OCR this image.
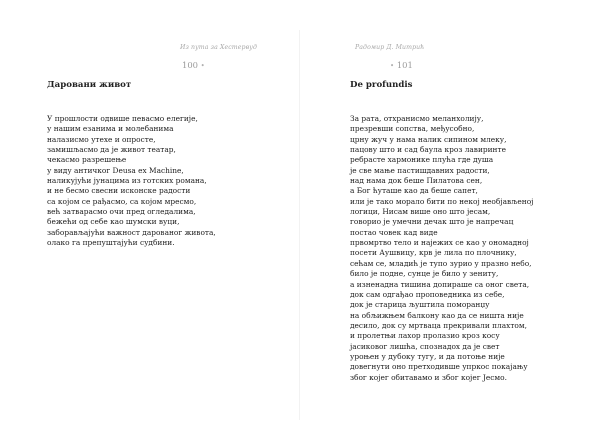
Из пута за Хестервуд
100 •
Даровани живот
У прошлости одвише певасмо елегије,
у нашим езанима и молебанима
налазисмо утехе и опросте,
замишљасмо да је живот театар,
чекасмо разрешење
у виду античког Deusа ex Machine,
наликујући јунацима из готских романа,
и не бесмо свесни исконске радости
са којом се рађасмо, са којом мресмо,
већ затварасмо очи пред огледалима,
бежећи од себе као шумски вуци,
заборављајући важност дарованог живота,
олако га препуштајући судбини.
Радомир Д. Митрић
• 101
De profundis
За рата, отхранисмо меланхолију,
презревши сопства, међусобно,
црну жуч у нама налик сипином млеку,
пацову што и сад баула кроз лавиринте
ребрасте хармонике плућа где душа
је све мање пастишдавних радости,
над нама док беше Пилатова сен,
а Бог ћуташе као да беше сапет,
или је тако морало бити по некој необјављеној
логици, Нисам више оно што јесам,
говорио је умечни дечак што је напречац
постао човек кад виде
првомртво тело и најежих се као у ономадној
посети Аушвицу, крв је лила по плочнику,
сећам се, младић је тупо зурио у празно небо,
било је подне, сунце је било у зениту,
а изненадна тишина допираше са оног света,
док сам одгађао проповедника из себе,
док је старица љуштила поморанџу
на обљижњем балкону као да се ништа није
десило, док су мртваца прекривали плахтом,
и пролетњи лахор пролазио кроз косу
јасиковог лишћа, спознадох да је свет
уроњен у дубоку тугу, и да потоње није
довегнути оно претходивше упркос покајању
због којег обитавамо и због којег Јесмо.
